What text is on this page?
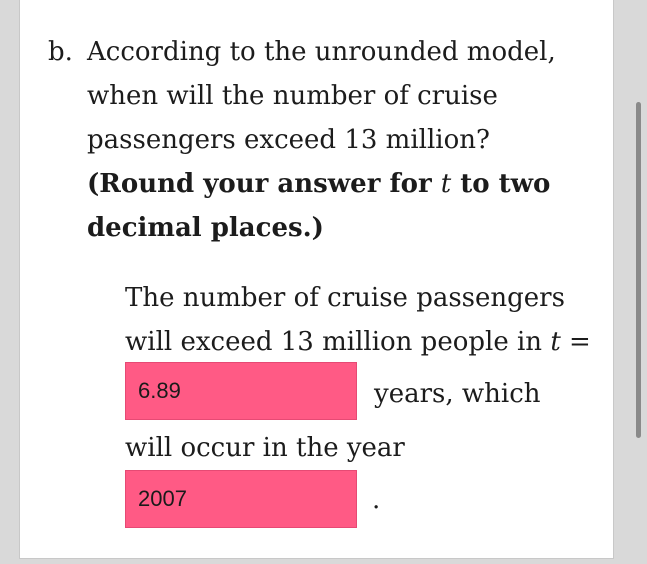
b. According to the unrounded model,
when will the number of cruise
passengers exceed 13 million?
(Round your answer for t to two
decimal places.)
The number of cruise passengers
will exceed 13 million people in t =
6.89	years, which
will occur in the year
2007	.
